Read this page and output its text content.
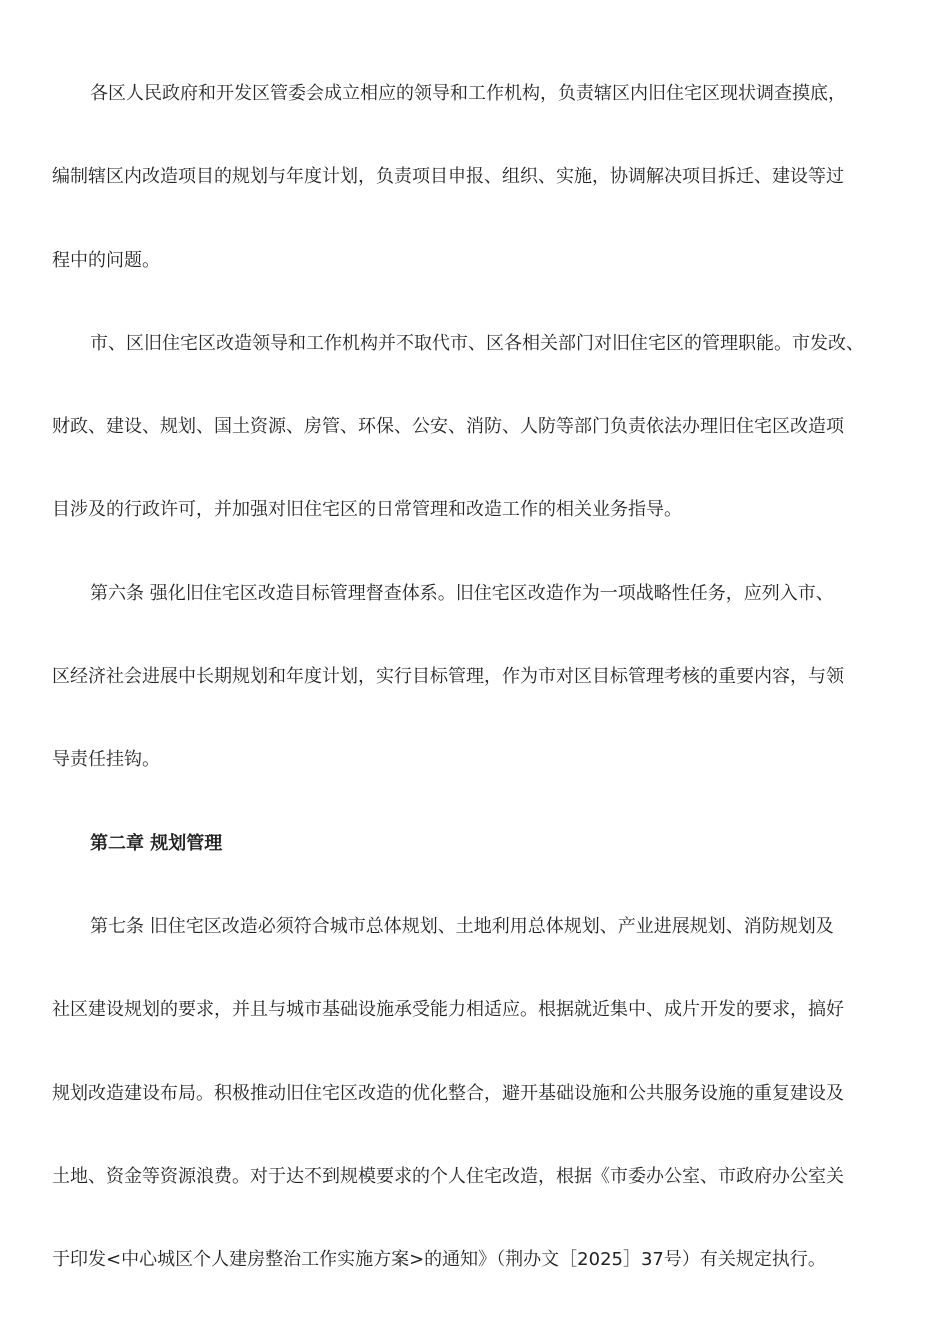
各区人民政府和开发区管委会成立相应的领导和工作机构，负责辖区内旧住宅区现状调查摸底，
编制辖区内改造项目的规划与年度计划，负责项目申报、组织、实施，协调解决项目拆迁、建设等过
程中的问题。

市、区旧住宅区改造领导和工作机构并不取代市、区各相关部门对旧住宅区的管理职能。市发改、
财政、建设、规划、国土资源、房管、环保、公安、消防、人防等部门负责依法办理旧住宅区改造项
目涉及的行政许可，并加强对旧住宅区的日常管理和改造工作的相关业务指导。

第六条 强化旧住宅区改造目标管理督查体系。旧住宅区改造作为一项战略性任务，应列入市、
区经济社会进展中长期规划和年度计划，实行目标管理，作为市对区目标管理考核的重要内容，与领
导责任挂钩。

第二章 规划管理

第七条 旧住宅区改造必须符合城市总体规划、土地利用总体规划、产业进展规划、消防规划及
社区建设规划的要求，并且与城市基础设施承受能力相适应。根据就近集中、成片开发的要求，搞好
规划改造建设布局。积极推动旧住宅区改造的优化整合，避开基础设施和公共服务设施的重复建设及
土地、资金等资源浪费。对于达不到规模要求的个人住宅改造，根据《市委办公室、市政府办公室关
于印发<中心城区个人建房整治工作实施方案>的通知》（荆办文［2025］37号）有关规定执行。
